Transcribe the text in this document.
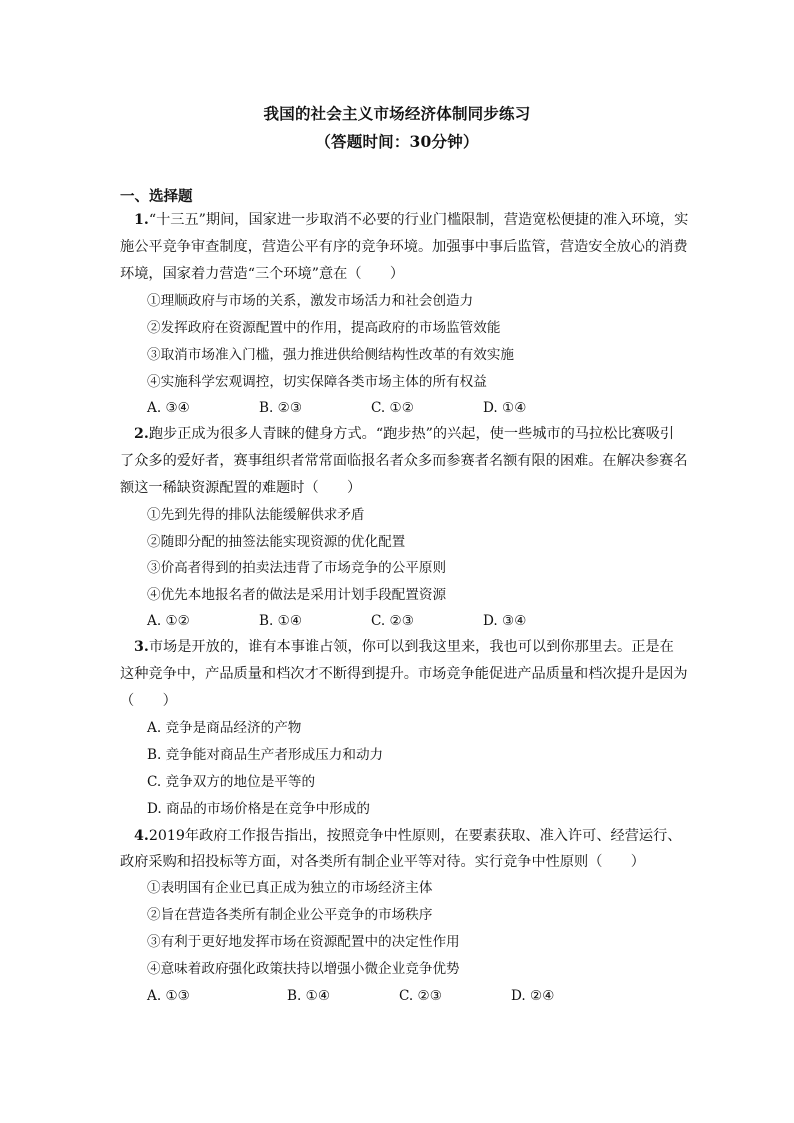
我国的社会主义市场经济体制同步练习
（答题时间：30分钟）
一、选择题
1.“十三五”期间，国家进一步取消不必要的行业门槛限制，营造宽松便捷的准入环境，实
施公平竞争审查制度，营造公平有序的竞争环境。加强事中事后监管，营造安全放心的消费
环境，国家着力营造“三个环境”意在（　　）
①理顺政府与市场的关系，激发市场活力和社会创造力
②发挥政府在资源配置中的作用，提高政府的市场监管效能
③取消市场准入门槛，强力推进供给侧结构性改革的有效实施
④实施科学宏观调控，切实保障各类市场主体的所有权益
A. ③④	B. ②③	C. ①②	D. ①④
2.跑步正成为很多人青睐的健身方式。“跑步热”的兴起，使一些城市的马拉松比赛吸引
了众多的爱好者，赛事组织者常常面临报名者众多而参赛者名额有限的困难。在解决参赛名
额这一稀缺资源配置的难题时（　　）
①先到先得的排队法能缓解供求矛盾
②随即分配的抽签法能实现资源的优化配置
③价高者得到的拍卖法违背了市场竞争的公平原则
④优先本地报名者的做法是采用计划手段配置资源
A. ①②	B. ①④	C. ②③	D. ③④
3.市场是开放的，谁有本事谁占领，你可以到我这里来，我也可以到你那里去。正是在
这种竞争中，产品质量和档次才不断得到提升。市场竞争能促进产品质量和档次提升是因为
（　　）
A. 竞争是商品经济的产物
B. 竞争能对商品生产者形成压力和动力
C. 竞争双方的地位是平等的
D. 商品的市场价格是在竞争中形成的
4.2019年政府工作报告指出，按照竞争中性原则，在要素获取、准入许可、经营运行、
政府采购和招投标等方面，对各类所有制企业平等对待。实行竞争中性原则（　　）
①表明国有企业已真正成为独立的市场经济主体
②旨在营造各类所有制企业公平竞争的市场秩序
③有利于更好地发挥市场在资源配置中的决定性作用
④意味着政府强化政策扶持以增强小微企业竞争优势
A. ①③	B. ①④	C. ②③	D. ②④
